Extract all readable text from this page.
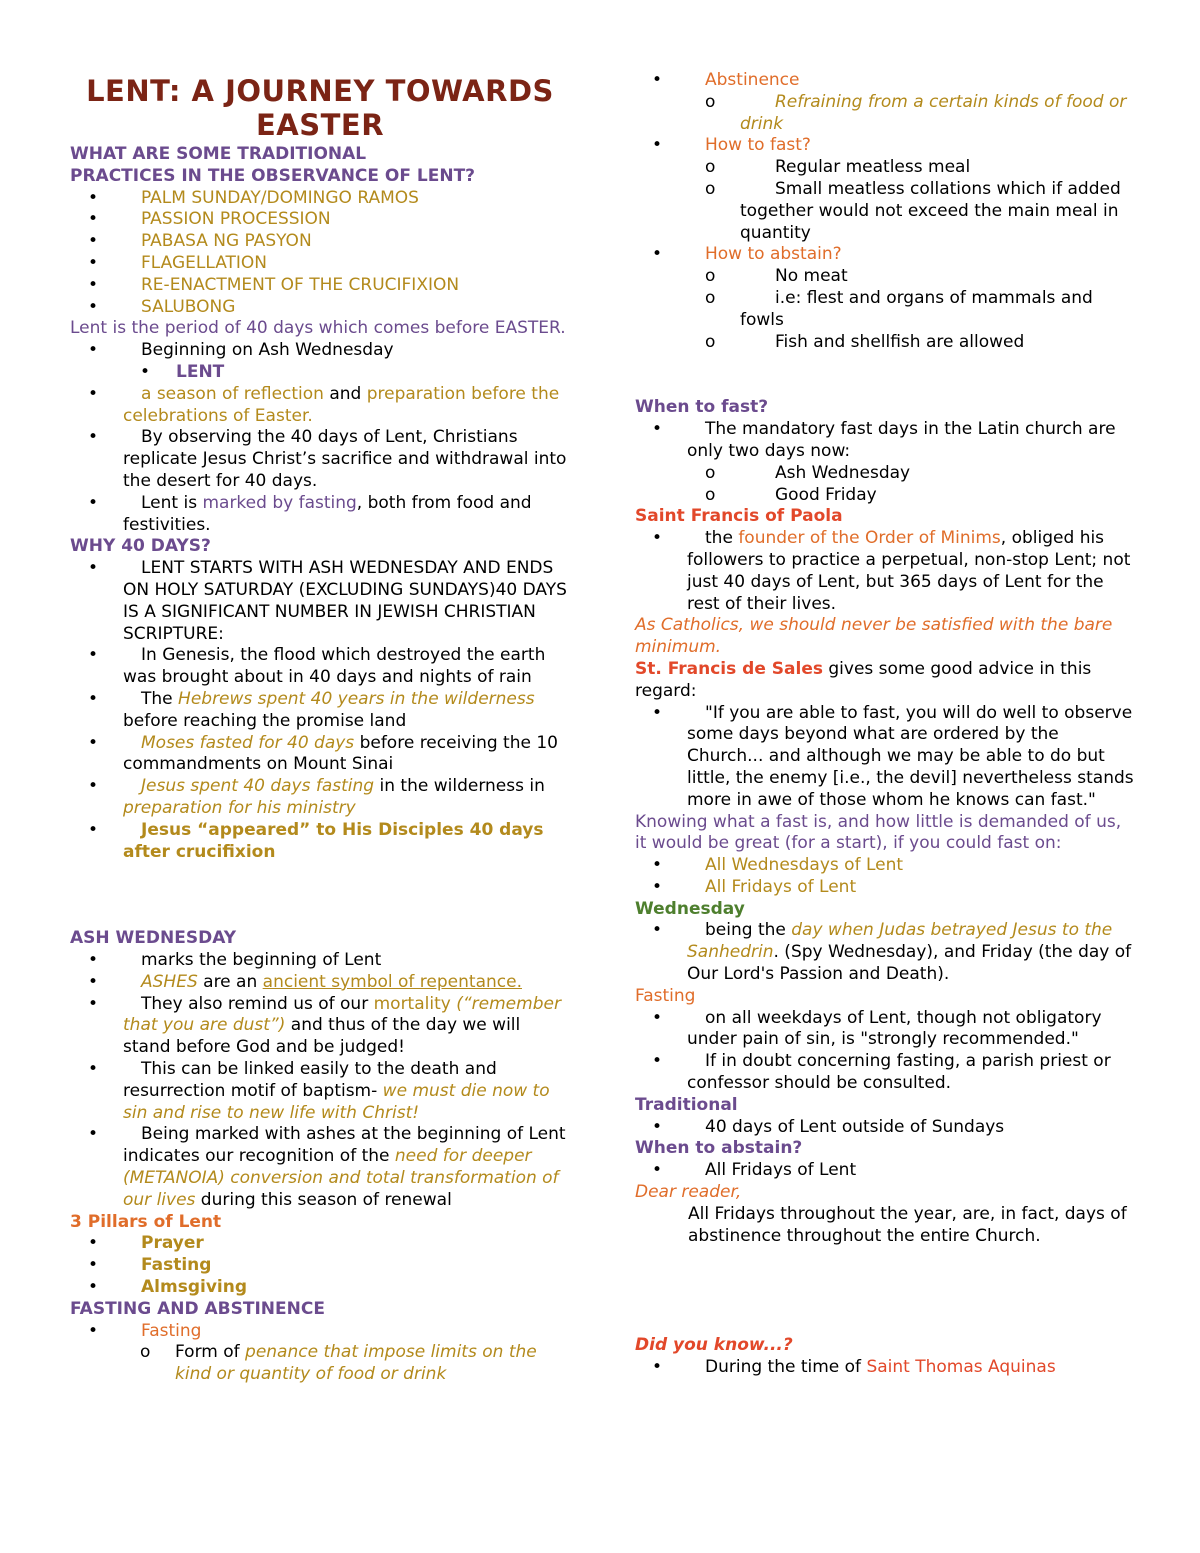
LENT: A JOURNEY TOWARDS EASTER
WHAT ARE SOME TRADITIONAL
PRACTICES IN THE OBSERVANCE OF LENT?
•	PALM SUNDAY/DOMINGO RAMOS
•	PASSION PROCESSION
•	PABASA NG PASYON
•	FLAGELLATION
•	RE-ENACTMENT OF THE CRUCIFIXION
•	SALUBONG
Lent is the period of 40 days which comes before EASTER.
•	Beginning on Ash Wednesday
•	LENT
•	a season of reflection and preparation before the celebrations of Easter.
•	By observing the 40 days of Lent, Christians replicate Jesus Christ’s sacrifice and withdrawal into the desert for 40 days.
•	Lent is marked by fasting, both from food and festivities.
WHY 40 DAYS?
•	LENT STARTS WITH ASH WEDNESDAY AND ENDS ON HOLY SATURDAY (EXCLUDING SUNDAYS)40 DAYS IS A SIGNIFICANT NUMBER IN JEWISH CHRISTIAN SCRIPTURE:
•	In Genesis, the flood which destroyed the earth was brought about in 40 days and nights of rain
•	The Hebrews spent 40 years in the wilderness before reaching the promise land
•	Moses fasted for 40 days before receiving the 10 commandments on Mount Sinai
•	Jesus spent 40 days fasting in the wilderness in preparation for his ministry
•	Jesus “appeared” to His Disciples 40 days after crucifixion
ASH WEDNESDAY
•	marks the beginning of Lent
•	ASHES are an ancient symbol of repentance.
•	They also remind us of our mortality (“remember that you are dust”) and thus of the day we will stand before God and be judged!
•	This can be linked easily to the death and resurrection motif of baptism- we must die now to sin and rise to new life with Christ!
•	Being marked with ashes at the beginning of Lent indicates our recognition of the need for deeper (METANOIA) conversion and total transformation of our lives during this season of renewal
3 Pillars of Lent
•	Prayer
•	Fasting
•	Almsgiving
FASTING AND ABSTINENCE
•	Fasting
o Form of penance that impose limits on the kind or quantity of food or drink
•	Abstinence
o	Refraining from a certain kinds of food or drink
•	How to fast?
o	Regular meatless meal
o	Small meatless collations which if added together would not exceed the main meal in quantity
•	How to abstain?
o	No meat
o	i.e: flest and organs of mammals and fowls
o	Fish and shellfish are allowed
When to fast?
•	The mandatory fast days in the Latin church are only two days now:
o	Ash Wednesday
o	Good Friday
Saint Francis of Paola
•	the founder of the Order of Minims, obliged his followers to practice a perpetual, non-stop Lent; not just 40 days of Lent, but 365 days of Lent for the rest of their lives.
As Catholics, we should never be satisfied with the bare minimum.
St. Francis de Sales gives some good advice in this regard:
•	"If you are able to fast, you will do well to observe some days beyond what are ordered by the Church... and although we may be able to do but little, the enemy [i.e., the devil] nevertheless stands more in awe of those whom he knows can fast."
Knowing what a fast is, and how little is demanded of us, it would be great (for a start), if you could fast on:
•	All Wednesdays of Lent
•	All Fridays of Lent
Wednesday
•	being the day when Judas betrayed Jesus to the Sanhedrin. (Spy Wednesday), and Friday (the day of Our Lord's Passion and Death).
Fasting
•	on all weekdays of Lent, though not obligatory under pain of sin, is "strongly recommended."
•	If in doubt concerning fasting, a parish priest or confessor should be consulted.
Traditional
•	40 days of Lent outside of Sundays
When to abstain?
•	All Fridays of Lent
Dear reader,
All Fridays throughout the year, are, in fact, days of abstinence throughout the entire Church.
Did you know...?
•	During the time of Saint Thomas Aquinas
